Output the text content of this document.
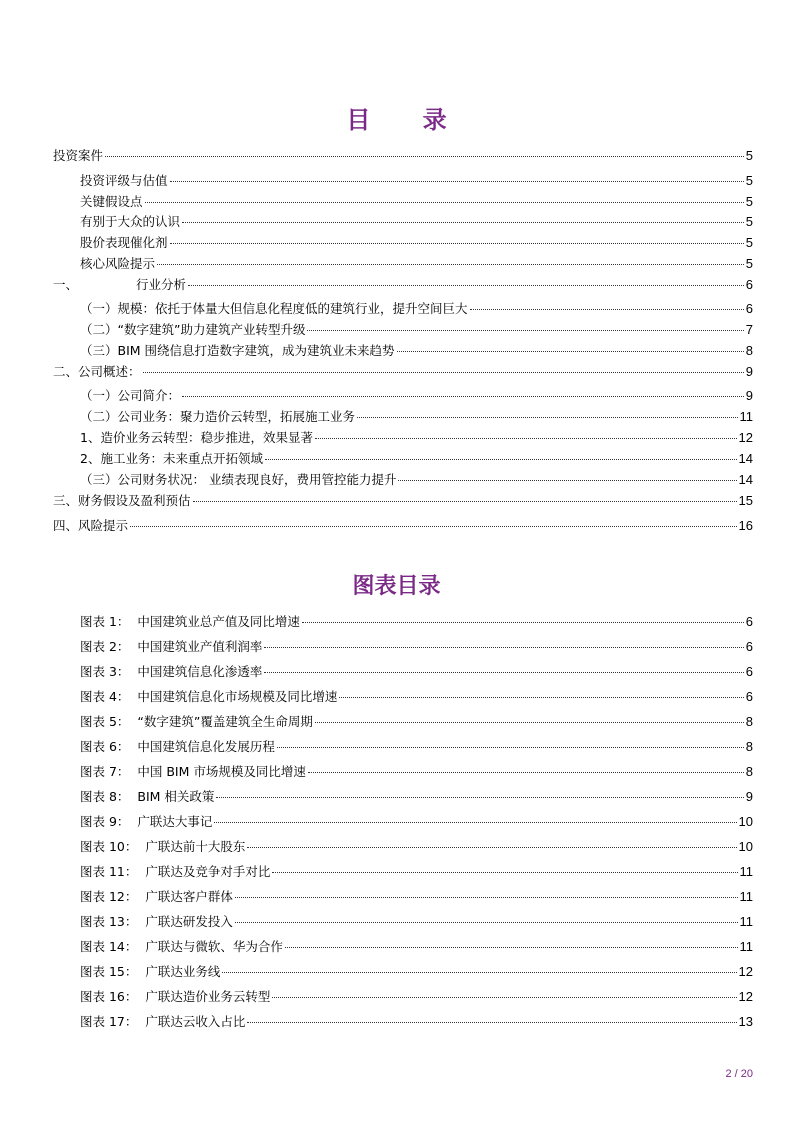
目 录
投资案件	5
投资评级与估值	5
关键假设点	5
有别于大众的认识	5
股价表现催化剂	5
核心风险提示	5
一、	行业分析	6
（一）规模：依托于体量大但信息化程度低的建筑行业，提升空间巨大	6
（二）“数字建筑”助力建筑产业转型升级	7
（三）BIM 围绕信息打造数字建筑，成为建筑业未来趋势	8
二、公司概述：	9
（一）公司简介：	9
（二）公司业务：聚力造价云转型，拓展施工业务	11
1、造价业务云转型：稳步推进，效果显著	12
2、施工业务：未来重点开拓领域	14
（三）公司财务状况： 业绩表现良好，费用管控能力提升	14
三、财务假设及盈利预估	15
四、风险提示	16
图表目录
图表 1：  中国建筑业总产值及同比增速	6
图表 2：  中国建筑业产值利润率	6
图表 3：  中国建筑信息化渗透率	6
图表 4：  中国建筑信息化市场规模及同比增速	6
图表 5：  “数字建筑”覆盖建筑全生命周期	8
图表 6：  中国建筑信息化发展历程	8
图表 7：  中国 BIM 市场规模及同比增速	8
图表 8：  BIM 相关政策	9
图表 9：  广联达大事记	10
图表 10：  广联达前十大股东	10
图表 11：  广联达及竞争对手对比	11
图表 12：  广联达客户群体	11
图表 13：  广联达研发投入	11
图表 14：  广联达与微软、华为合作	11
图表 15：  广联达业务线	12
图表 16：  广联达造价业务云转型	12
图表 17：  广联达云收入占比	13
2 / 20
